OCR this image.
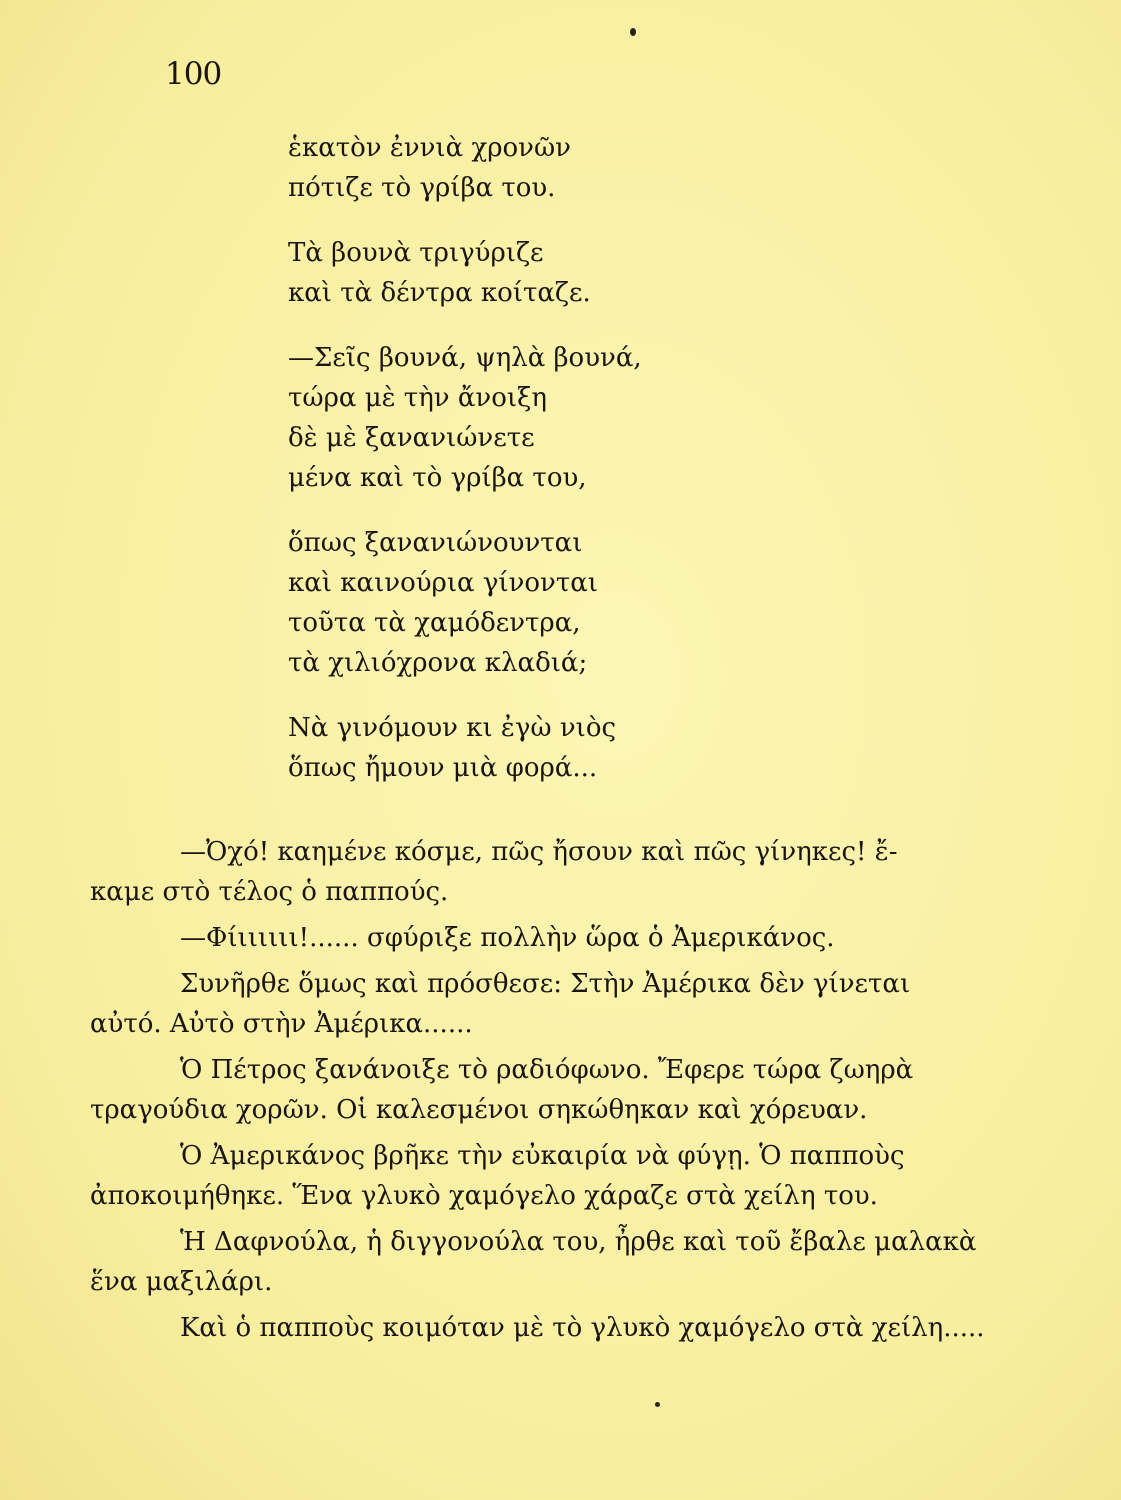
100
ἑκατὸν ἐννιὰ χρονῶν
πότιζε τὸ γρίβα του.
Τὰ βουνὰ τριγύριζε
καὶ τὰ δέντρα κοίταζε.
—Σεῖς βουνά, ψηλὰ βουνά,
τώρα μὲ τὴν ἄνοιξη
δὲ μὲ ξανανιώνετε
μένα καὶ τὸ γρίβα του,
ὅπως ξανανιώνουνται
καὶ καινούρια γίνονται
τοῦτα τὰ χαμόδεντρα,
τὰ χιλιόχρονα κλαδιά;
Νὰ γινόμουν κι ἐγὼ νιὸς
ὅπως ἤμουν μιὰ φορά...
—Ὀχό! καημένε κόσμε, πῶς ἤσουν καὶ πῶς γίνηκες! ἔ-
καμε στὸ τέλος ὁ παππούς.
—Φίιιιιιι!...... σφύριξε πολλὴν ὥρα ὁ Ἀμερικάνος.
Συνῆρθε ὅμως καὶ πρόσθεσε: Στὴν Ἀμέρικα δὲν γίνεται
αὐτό. Αὐτὸ στὴν Ἀμέρικα......
Ὁ Πέτρος ξανάνοιξε τὸ ραδιόφωνο. Ἔφερε τώρα ζωηρὰ
τραγούδια χορῶν. Οἱ καλεσμένοι σηκώθηκαν καὶ χόρευαν.
Ὁ Ἀμερικάνος βρῆκε τὴν εὐκαιρία νὰ φύγῃ. Ὁ παπποὺς
ἀποκοιμήθηκε. Ἕνα γλυκὸ χαμόγελο χάραζε στὰ χείλη του.
Ἡ Δαφνούλα, ἡ διγγονούλα του, ἦρθε καὶ τοῦ ἔβαλε μαλακὰ
ἕνα μαξιλάρι.
Καὶ ὁ παπποὺς κοιμόταν μὲ τὸ γλυκὸ χαμόγελο στὰ χείλη.....
